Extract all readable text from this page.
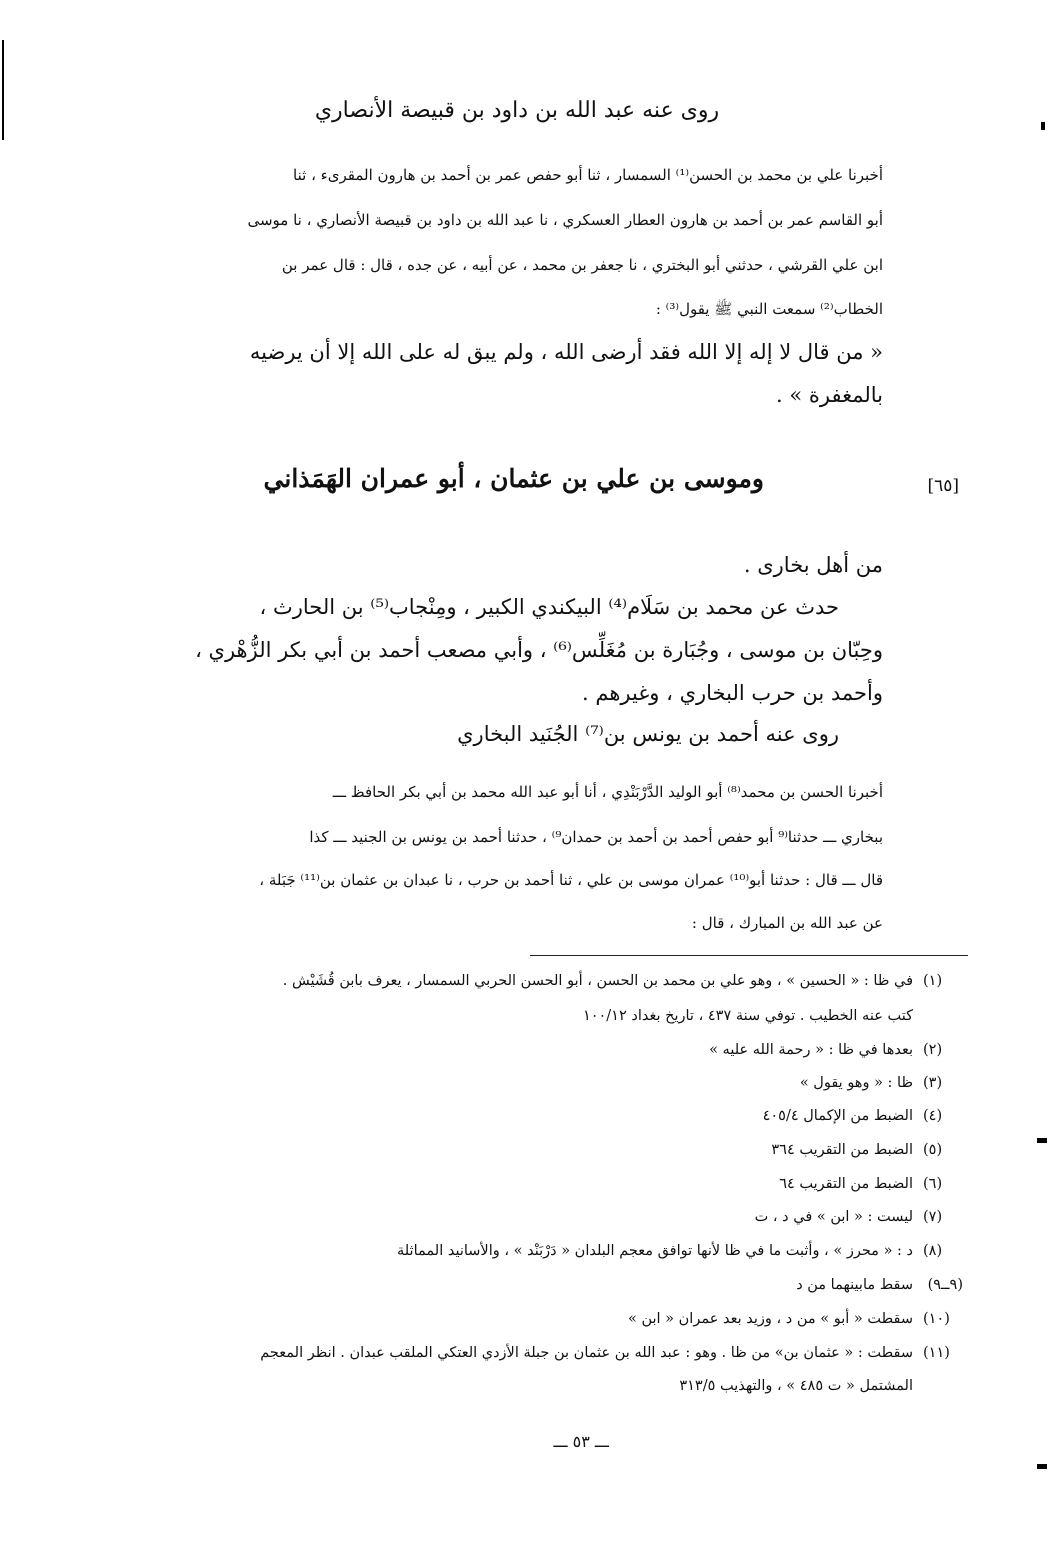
روى عنه عبد الله بن داود بن قبيصة الأنصاري
أخبرنا علي بن محمد بن الحسن⁽¹⁾ السمسار ، ثنا أبو حفص عمر بن أحمد بن هارون المقرىء ، ثنا
أبو القاسم عمر بن أحمد بن هارون العطار العسكري ، نا عبد الله بن داود بن قبيصة الأنصاري ، نا موسى
ابن علي القرشي ، حدثني أبو البختري ، نا جعفر بن محمد ، عن أبيه ، عن جده ، قال : قال عمر بن
الخطاب⁽²⁾ سمعت النبي ﷺ يقول⁽³⁾ :
« من قال لا إله إلا الله فقد أرضى الله ، ولم يبق له على الله إلا أن يرضيه
بالمغفرة » .
[٦٥]
وموسى بن علي بن عثمان ، أبو عمران الهَمَذاني
من أهل بخارى .
حدث عن محمد بن سَلَام⁽⁴⁾ البيكندي الكبير ، ومِنْجاب⁽⁵⁾ بن الحارث ،
وحِبّان بن موسى ، وجُبَارة بن مُغَلِّس⁽⁶⁾ ، وأبي مصعب أحمد بن أبي بكر الزُّهْري ،
وأحمد بن حرب البخاري ، وغيرهم .
روى عنه أحمد بن يونس بن⁽⁷⁾ الجُنَيد البخاري
أخبرنا الحسن بن محمد⁽⁸⁾ أبو الوليد الدَّرْبَنْدِي ، أنا أبو عبد الله محمد بن أبي بكر الحافظ ـــ
ببخاري ـــ حدثنا⁽⁹ أبو حفص أحمد بن أحمد بن حمدان⁹⁾ ، حدثنا أحمد بن يونس بن الجنيد ـــ كذا
قال ـــ قال : حدثنا أبو⁽¹⁰⁾ عمران موسى بن علي ، ثنا أحمد بن حرب ، نا عبدان بن عثمان بن⁽¹¹⁾ جَبَلة ،
عن عبد الله بن المبارك ، قال :
(١)
في ظا : « الحسين » ، وهو علي بن محمد بن الحسن ، أبو الحسن الحربي السمسار ، يعرف بابن قُشَيْش .
كتب عنه الخطيب . توفي سنة ٤٣٧ ، تاريخ بغداد ١٠٠/١٢
(٢)
بعدها في ظا : « رحمة الله عليه »
(٣)
ظا : « وهو يقول »
(٤)
الضبط من الإكمال ٤٠٥/٤
(٥)
الضبط من التقريب ٣٦٤
(٦)
الضبط من التقريب ٦٤
(٧)
ليست : « ابن » في د ، ت
(٨)
د : « محرز » ، وأثبت ما في ظا لأنها توافق معجم البلدان « دَرْبَنْد » ، والأسانيد المماثلة
(٩ــ٩)
سقط مابينهما من د
(١٠)
سقطت « أبو » من د ، وزيد بعد عمران « ابن »
(١١)
سقطت : « عثمان بن» من ظا . وهو : عبد الله بن عثمان بن جبلة الأزدي العتكي الملقب عبدان . انظر المعجم
المشتمل « ت ٤٨٥ » ، والتهذيب ٣١٣/٥
ـــ ٥٣ ـــ
